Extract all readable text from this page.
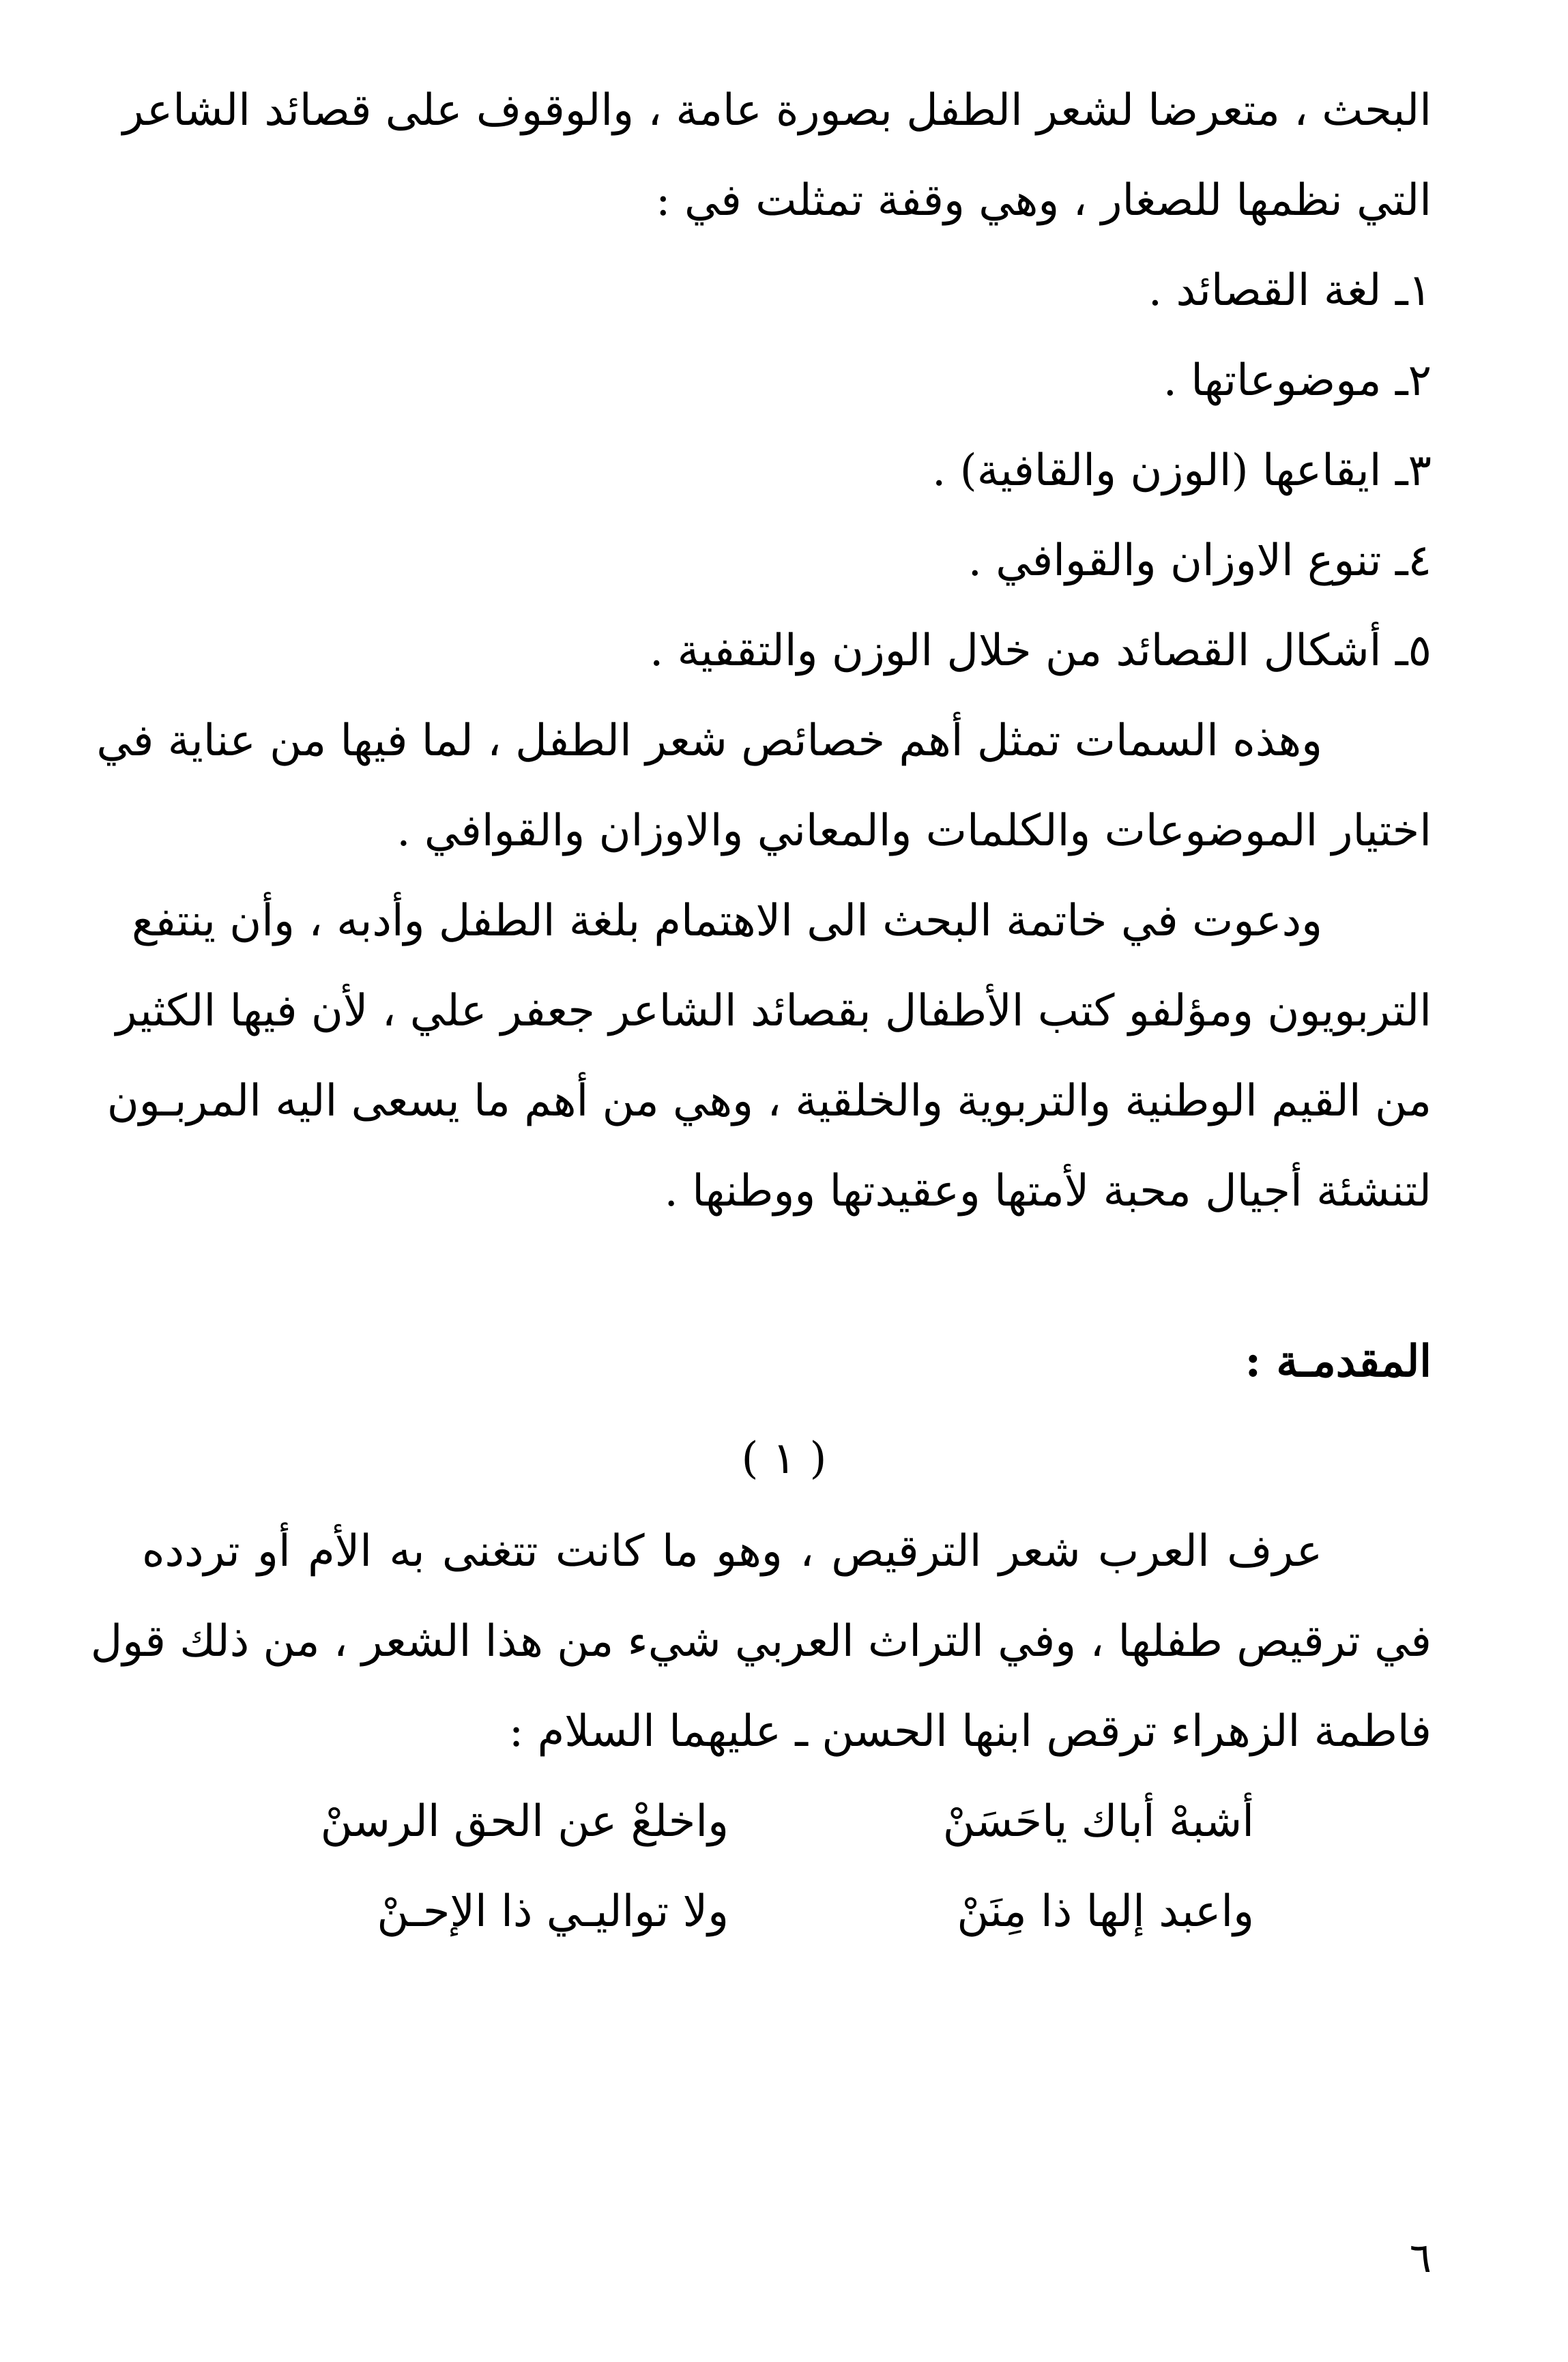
البحث ، متعرضا لشعر الطفل بصورة عامة ، والوقوف على قصائد الشاعر
التي نظمها للصغار ، وهي وقفة تمثلت في :
١ـ لغة القصائد .
٢ـ موضوعاتها .
٣ـ ايقاعها (الوزن والقافية) .
٤ـ تنوع الاوزان والقوافي .
٥ـ أشكال القصائد من خلال الوزن والتقفية .
وهذه السمات تمثل أهم خصائص شعر الطفل ، لما فيها من عناية في
اختيار الموضوعات والكلمات والمعاني والاوزان والقوافي .
ودعوت في خاتمة البحث الى الاهتمام بلغة الطفل وأدبه ، وأن ينتفع
التربويون ومؤلفو كتب الأطفال بقصائد الشاعر جعفر علي ، لأن فيها الكثير
من القيم الوطنية والتربوية والخلقية ، وهي من أهم ما يسعى اليه المربـون
لتنشئة أجيال محبة لأمتها وعقيدتها ووطنها .
المقدمـة :
( ١ )
عرف العرب شعر الترقيص ، وهو ما كانت تتغنى به الأم أو تردده
في ترقيص طفلها ، وفي التراث العربي شيء من هذا الشعر ، من ذلك قول
فاطمة الزهراء ترقص ابنها الحسن ـ عليهما السلام :
أشبهْ أباك ياحَسَنْ
واخلعْ عن الحق الرسنْ
واعبد إلها ذا مِنَنْ
ولا تواليـي ذا الإحـنْ
٦
